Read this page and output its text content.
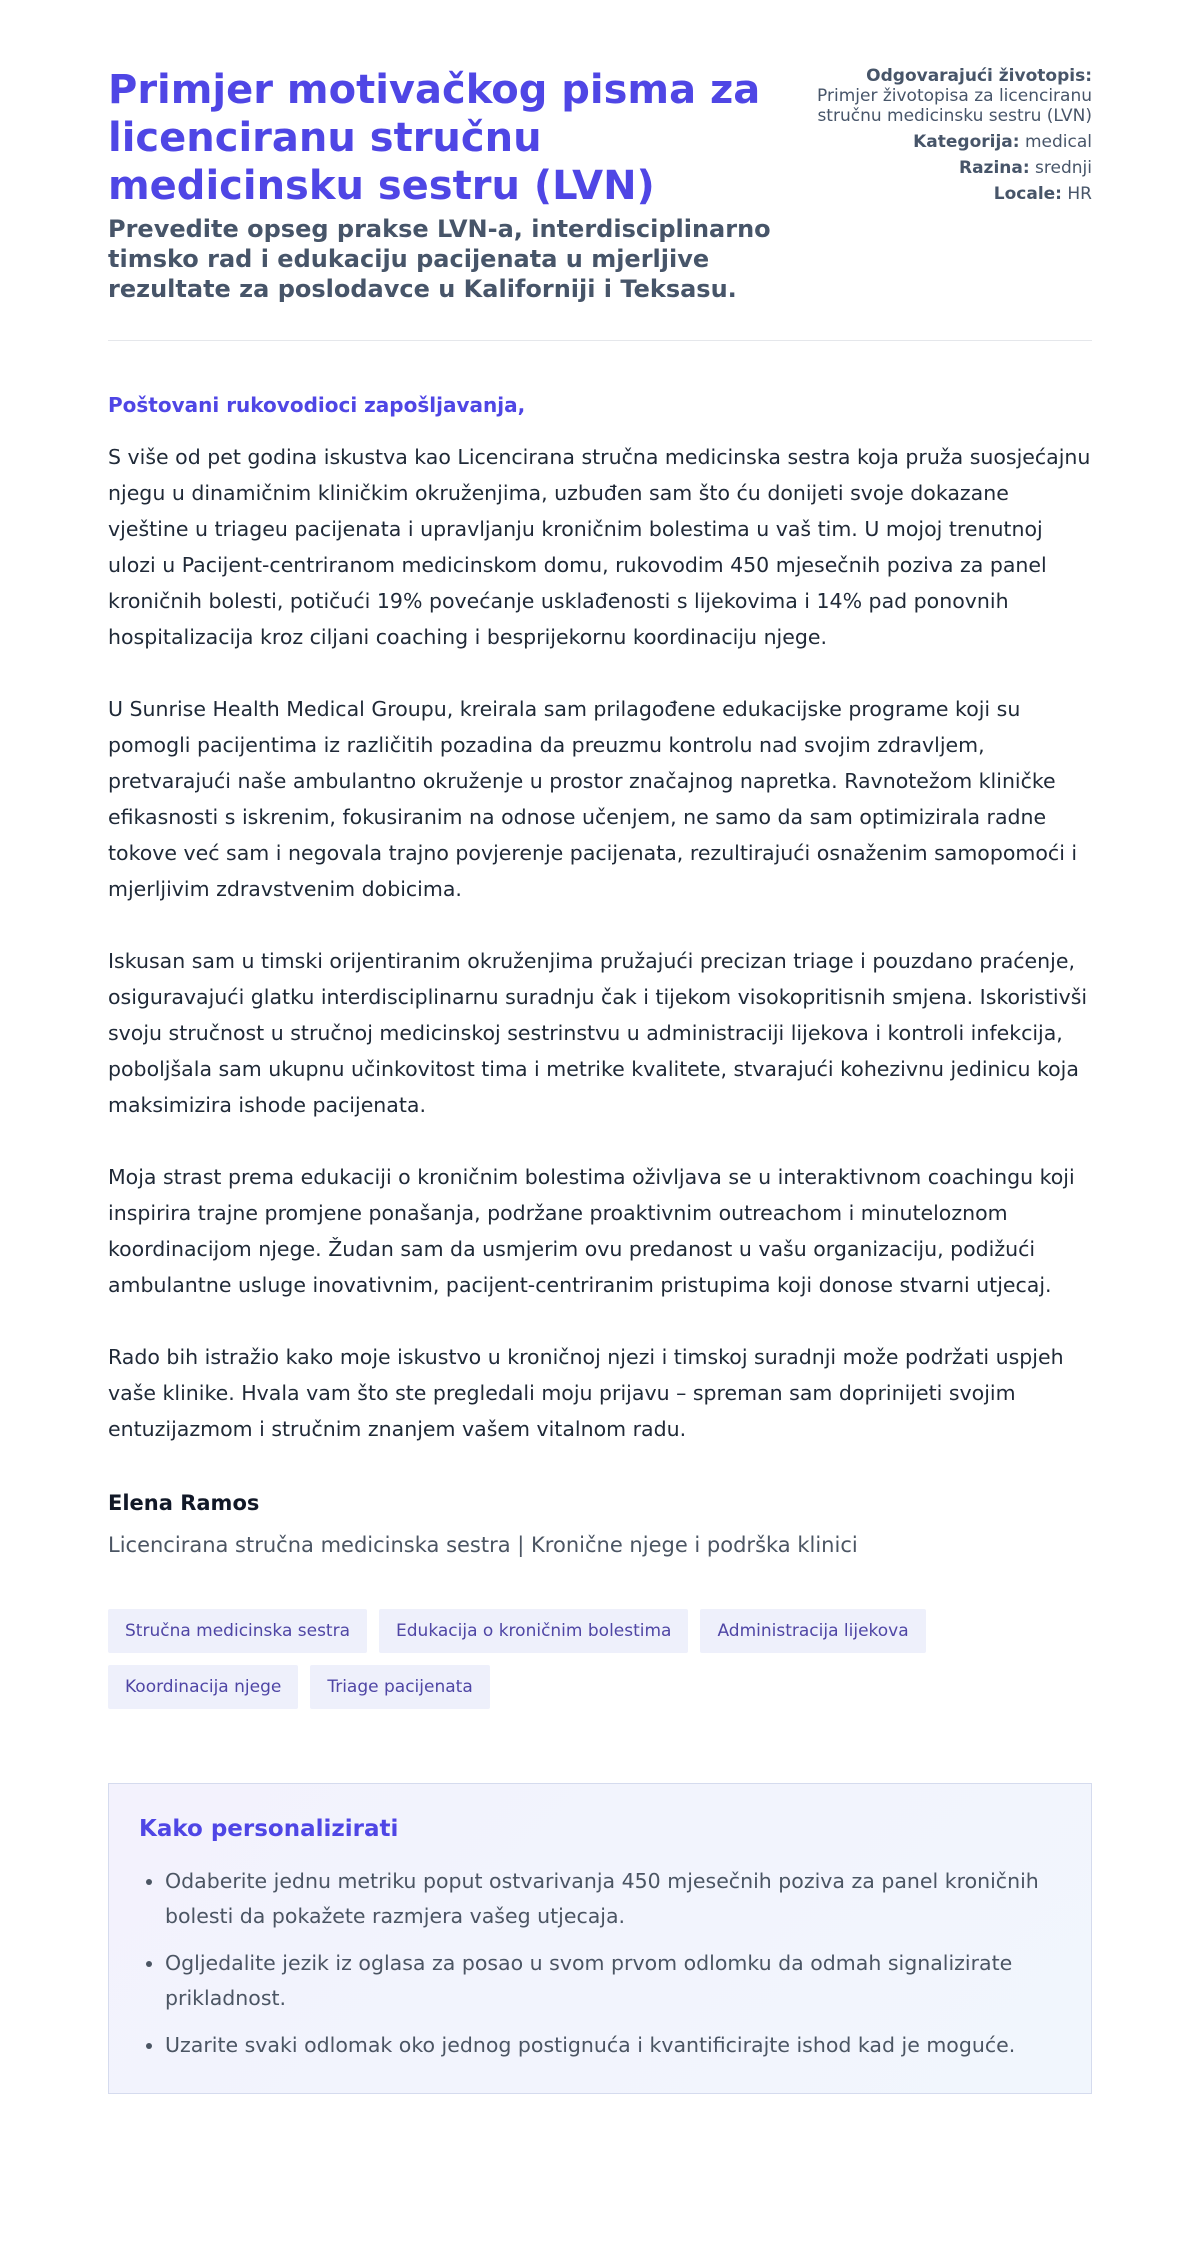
Primjer motivačkog pisma za licenciranu stručnu medicinsku sestru (LVN)
Prevedite opseg prakse LVN-a, interdisciplinarno timsko rad i edukaciju pacijenata u mjerljive rezultate za poslodavce u Kaliforniji i Teksasu.
Odgovarajući životopis:
Primjer životopisa za licenciranu stručnu medicinsku sestru (LVN)
Kategorija: medical
Razina: srednji
Locale: HR
Poštovani rukovodioci zapošljavanja,

S više od pet godina iskustva kao Licencirana stručna medicinska sestra koja pruža suosjećajnu njegu u dinamičnim kliničkim okruženjima, uzbuđen sam što ću donijeti svoje dokazane vještine u triageu pacijenata i upravljanju kroničnim bolestima u vaš tim. U mojoj trenutnoj ulozi u Pacijent-centriranom medicinskom domu, rukovodim 450 mjesečnih poziva za panel kroničnih bolesti, potičući 19% povećanje usklađenosti s lijekovima i 14% pad ponovnih hospitalizacija kroz ciljani coaching i besprijekornu koordinaciju njege.

U Sunrise Health Medical Groupu, kreirala sam prilagođene edukacijske programe koji su pomogli pacijentima iz različitih pozadina da preuzmu kontrolu nad svojim zdravljem, pretvarajući naše ambulantno okruženje u prostor značajnog napretka. Ravnotežom kliničke efikasnosti s iskrenim, fokusiranim na odnose učenjem, ne samo da sam optimizirala radne tokove već sam i negovala trajno povjerenje pacijenata, rezultirajući osnaženim samopomoći i mjerljivim zdravstvenim dobicima.

Iskusan sam u timski orijentiranim okruženjima pružajući precizan triage i pouzdano praćenje, osiguravajući glatku interdisciplinarnu suradnju čak i tijekom visokopritisnih smjena. Iskoristivši svoju stručnost u stručnoj medicinskoj sestrinstvu u administraciji lijekova i kontroli infekcija, poboljšala sam ukupnu učinkovitost tima i metrike kvalitete, stvarajući kohezivnu jedinicu koja maksimizira ishode pacijenata.

Moja strast prema edukaciji o kroničnim bolestima oživljava se u interaktivnom coachingu koji inspirira trajne promjene ponašanja, podržane proaktivnim outreachom i minuteloznom koordinacijom njege. Žudan sam da usmjerim ovu predanost u vašu organizaciju, podižući ambulantne usluge inovativnim, pacijent-centriranim pristupima koji donose stvarni utjecaj.

Rado bih istražio kako moje iskustvo u kroničnoj njezi i timskoj suradnji može podržati uspjeh vaše klinike. Hvala vam što ste pregledali moju prijavu – spreman sam doprinijeti svojim entuzijazmom i stručnim znanjem vašem vitalnom radu.

Elena Ramos
Licencirana stručna medicinska sestra | Kronične njege i podrška klinici
Stručna medicinska sestra	Edukacija o kroničnim bolestima	Administracija lijekova
Koordinacija njege	Triage pacijenata
Kako personalizirati
• Odaberite jednu metriku poput ostvarivanja 450 mjesečnih poziva za panel kroničnih bolesti da pokažete razmjera vašeg utjecaja.
• Ogljedalite jezik iz oglasa za posao u svom prvom odlomku da odmah signalizirate prikladnost.
• Uzarite svaki odlomak oko jednog postignuća i kvantificirajte ishod kad je moguće.
